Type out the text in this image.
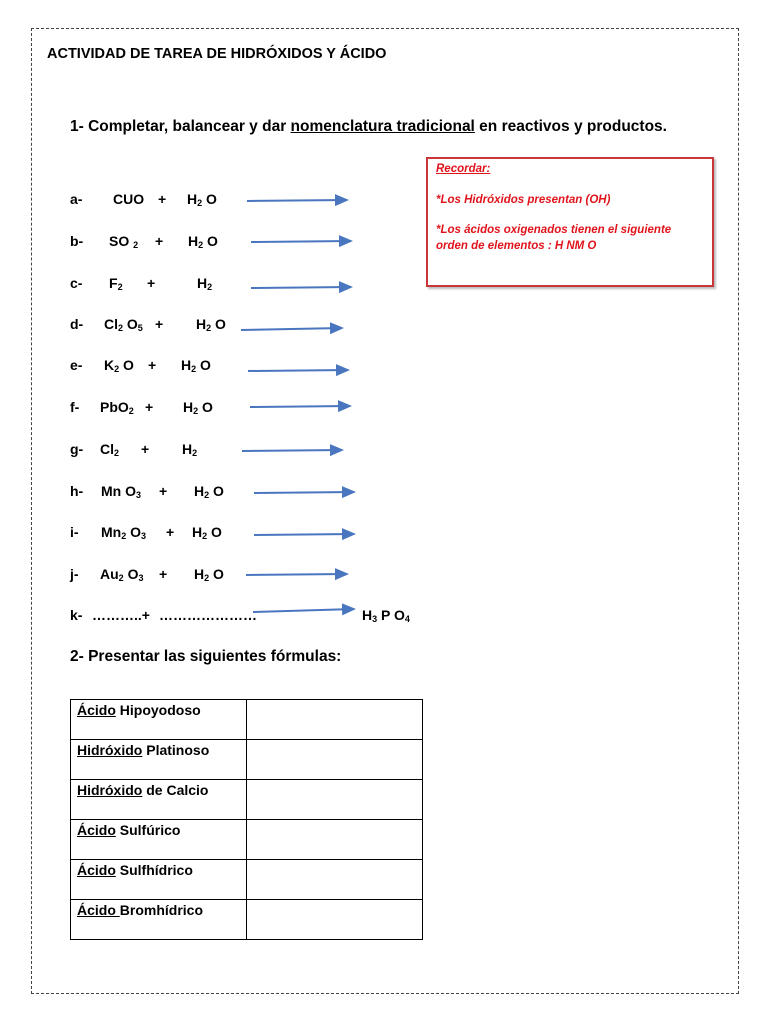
ACTIVIDAD DE TAREA DE HIDRÓXIDOS Y ÁCIDO
1- Completar, balancear y dar nomenclatura tradicional en reactivos y productos.
Recordar:
*Los Hidróxidos presentan (OH)
*Los ácidos oxigenados tienen el siguiente orden de elementos : H NM O
a- CUO + $H_2$ O
b- SO $_2 + H_2$ O
c- $F_2$ +	$H_2$
d- $Cl_2$ $O_5 + H_2$ O
e- $K_2$ $O + H_2$ O
f- $PbO_2 + H_2$ O
g- $Cl_2 + H_2$
h- Mn $O_3 + H_2$ O
i- $Mn_2$ $O_3 + H_2$ O
j- $Au_2$ $O_3 + H_2$ O
k- ………..+ …………………	$H_3$ P $O_4$
2- Presentar las siguientes fórmulas:
Ácido Hipoyodoso	
Hidróxido Platinoso	
Hidróxido de Calcio	
Ácido Sulfúrico	
Ácido Sulfhídrico	
Ácido Bromhídrico	
